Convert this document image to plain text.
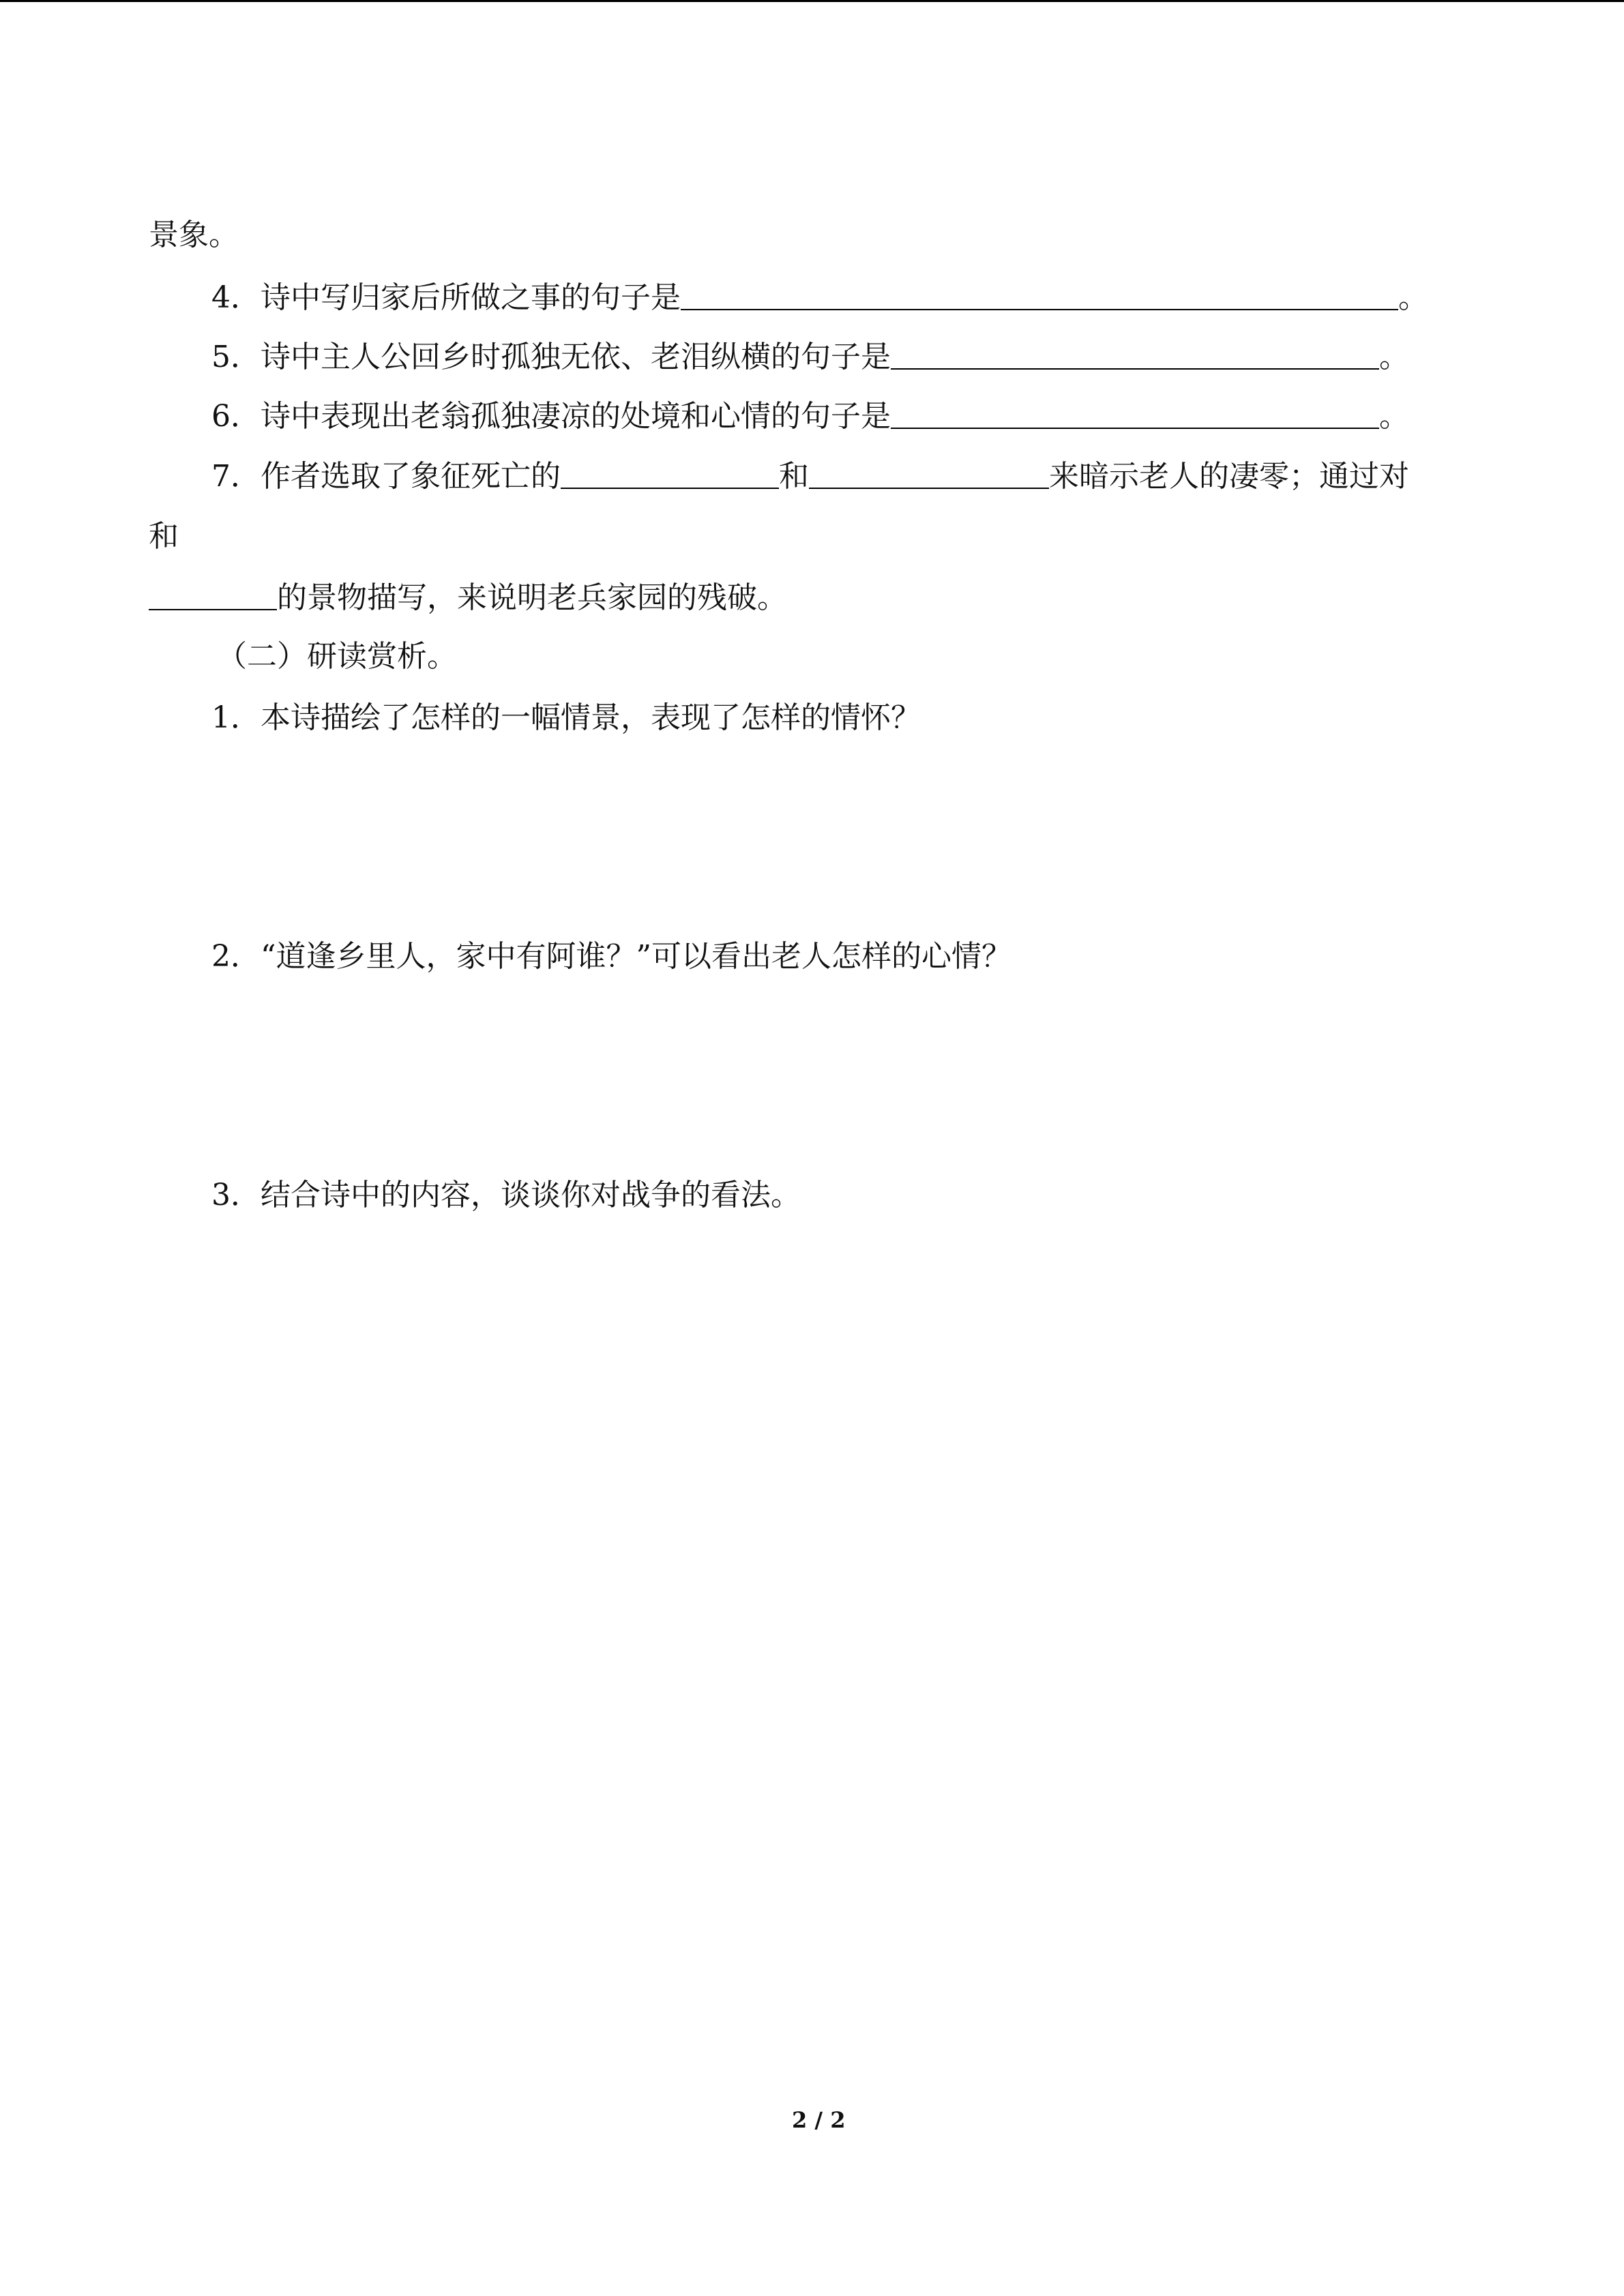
景象。
4．诗中写归家后所做之事的句子是	。
5．诗中主人公回乡时孤独无依、老泪纵横的句子是	。
6．诗中表现出老翁孤独凄凉的处境和心情的句子是	。
7．作者选取了象征死亡的	和	来暗示老人的凄零；通过对
和
的景物描写，来说明老兵家园的残破。
（二）研读赏析。
1．本诗描绘了怎样的一幅情景，表现了怎样的情怀？
2．“道逢乡里人，家中有阿谁？”可以看出老人怎样的心情？
3．结合诗中的内容，谈谈你对战争的看法。
2 / 2
